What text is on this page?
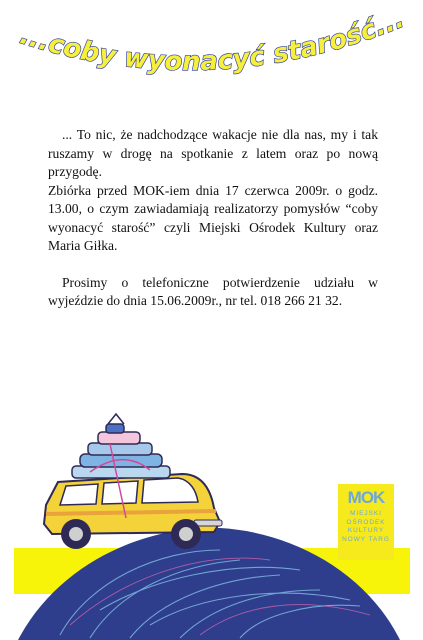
...coby wyonacyć starość...

... To nic, że nadchodzące wakacje nie dla nas, my i tak ruszamy w drogę na spotkanie z latem oraz po nową przygodę.

Zbiórka przed MOK-iem dnia 17 czerwca 2009r. o godz. 13.00, o czym zawiadamiają realizatorzy pomysłów “coby wyonacyć starość” czyli Miejski Ośrodek Kultury oraz Maria Giłka.

Prosimy o telefoniczne potwierdzenie udziału w wyjeździe do dnia 15.06.2009r., nr tel. 018 266 21 32.

MOK
MIEJSKI
OŚRODEK
KULTURY
NOWY TARG
